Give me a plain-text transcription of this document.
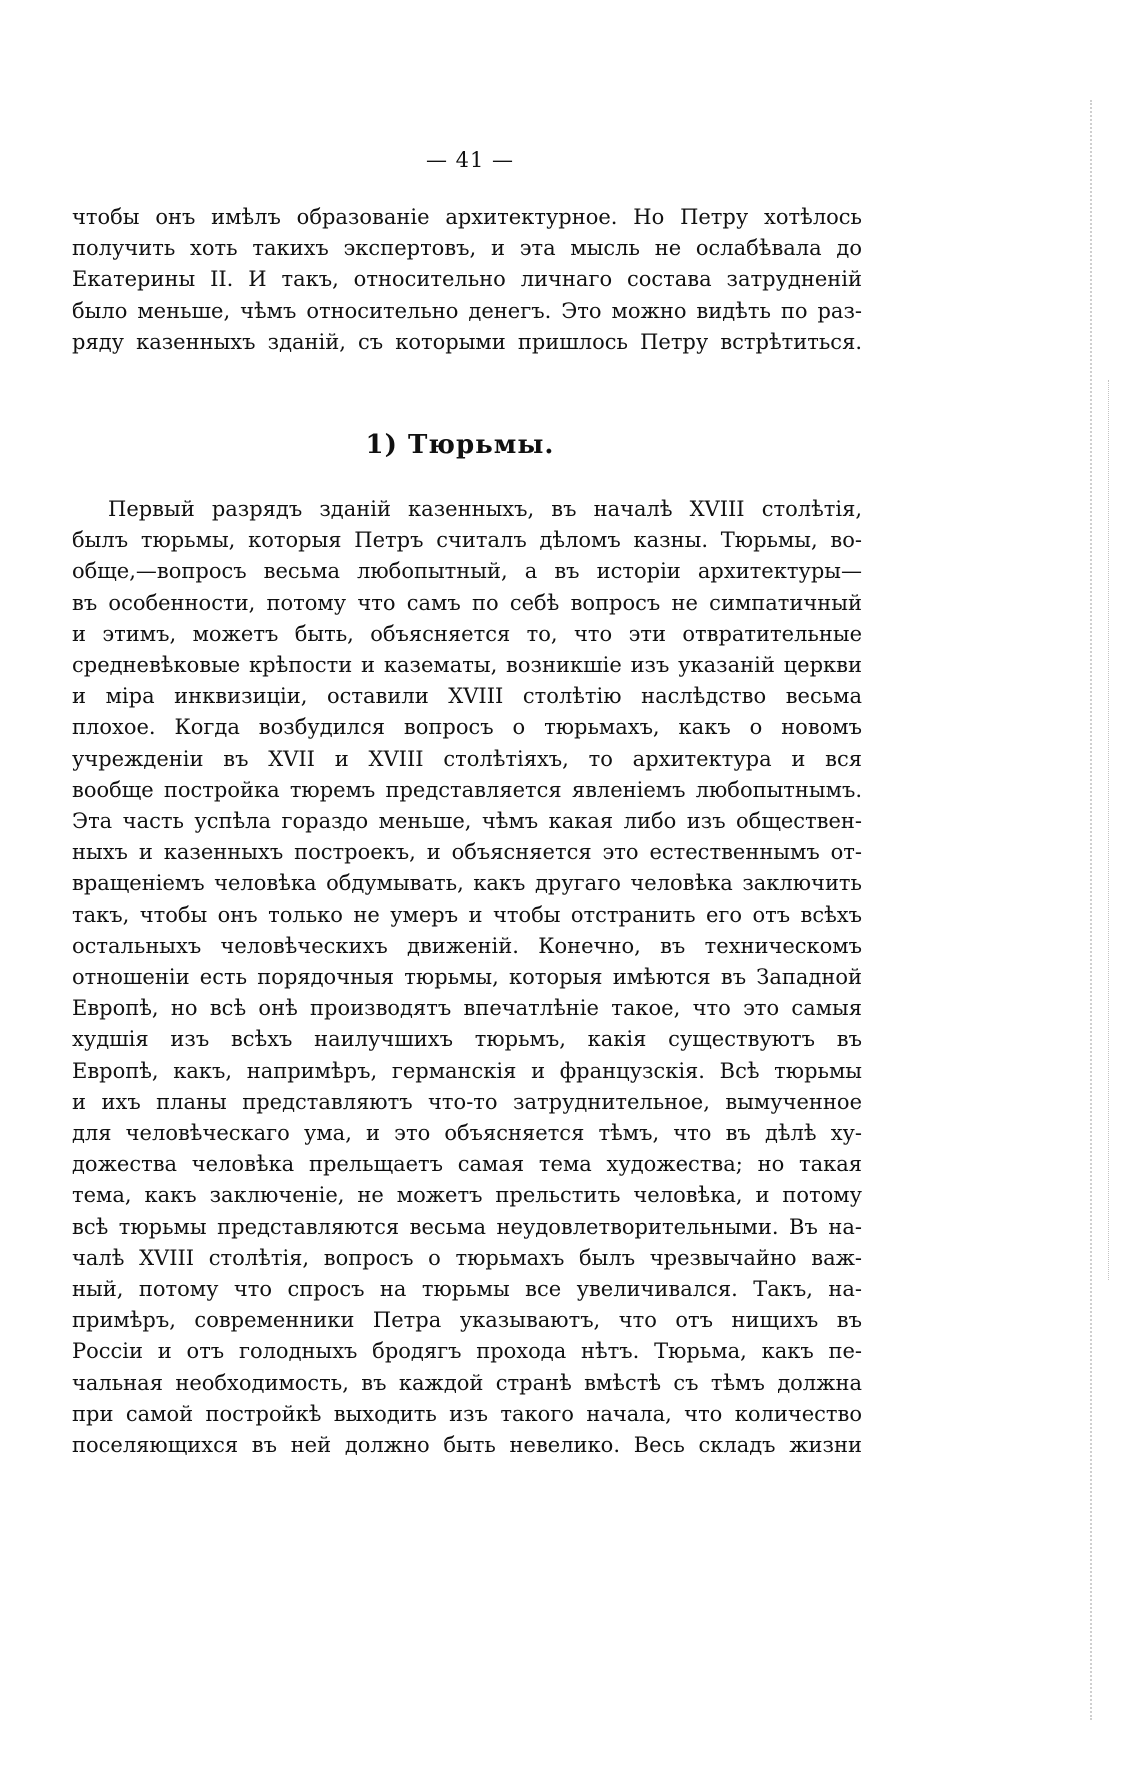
— 41 —
чтобы онъ имѣлъ образованіе архитектурное. Но Петру хотѣлось
получить хоть такихъ экспертовъ, и эта мысль не ослабѣвала до
Екатерины II. И такъ, относительно личнаго состава затрудненій
было меньше, чѣмъ относительно денегъ. Это можно видѣть по раз-
ряду казенныхъ зданій, съ которыми пришлось Петру встрѣтиться.
1) Тюрьмы.
Первый разрядъ зданій казенныхъ, въ началѣ XVIII столѣтія,
былъ тюрьмы, которыя Петръ считалъ дѣломъ казны. Тюрьмы, во-
обще,—вопросъ весьма любопытный, а въ исторіи архитектуры—
въ особенности, потому что самъ по себѣ вопросъ не симпатичный
и этимъ, можетъ быть, объясняется то, что эти отвратительные
средневѣковые крѣпости и казематы, возникшіе изъ указаній церкви
и міра инквизиціи, оставили XVIII столѣтію наслѣдство весьма
плохое. Когда возбудился вопросъ о тюрьмахъ, какъ о новомъ
учрежденіи въ XVII и XVIII столѣтіяхъ, то архитектура и вся
вообще постройка тюремъ представляется явленіемъ любопытнымъ.
Эта часть успѣла гораздо меньше, чѣмъ какая либо изъ обществен-
ныхъ и казенныхъ построекъ, и объясняется это естественнымъ от-
вращеніемъ человѣка обдумывать, какъ другаго человѣка заключить
такъ, чтобы онъ только не умеръ и чтобы отстранить его отъ всѣхъ
остальныхъ человѣческихъ движеній. Конечно, въ техническомъ
отношеніи есть порядочныя тюрьмы, которыя имѣются въ Западной
Европѣ, но всѣ онѣ производятъ впечатлѣніе такое, что это самыя
худшія изъ всѣхъ наилучшихъ тюрьмъ, какія существуютъ въ
Европѣ, какъ, напримѣръ, германскія и французскія. Всѣ тюрьмы
и ихъ планы представляютъ что-то затруднительное, вымученное
для человѣческаго ума, и это объясняется тѣмъ, что въ дѣлѣ ху-
дожества человѣка прельщаетъ самая тема художества; но такая
тема, какъ заключеніе, не можетъ прельстить человѣка, и потому
всѣ тюрьмы представляются весьма неудовлетворительными. Въ на-
чалѣ XVIII столѣтія, вопросъ о тюрьмахъ былъ чрезвычайно важ-
ный, потому что спросъ на тюрьмы все увеличивался. Такъ, на-
примѣръ, современники Петра указываютъ, что отъ нищихъ въ
Россіи и отъ голодныхъ бродягъ прохода нѣтъ. Тюрьма, какъ пе-
чальная необходимость, въ каждой странѣ вмѣстѣ съ тѣмъ должна
при самой постройкѣ выходить изъ такого начала, что количество
поселяющихся въ ней должно быть невелико. Весь складъ жизни
